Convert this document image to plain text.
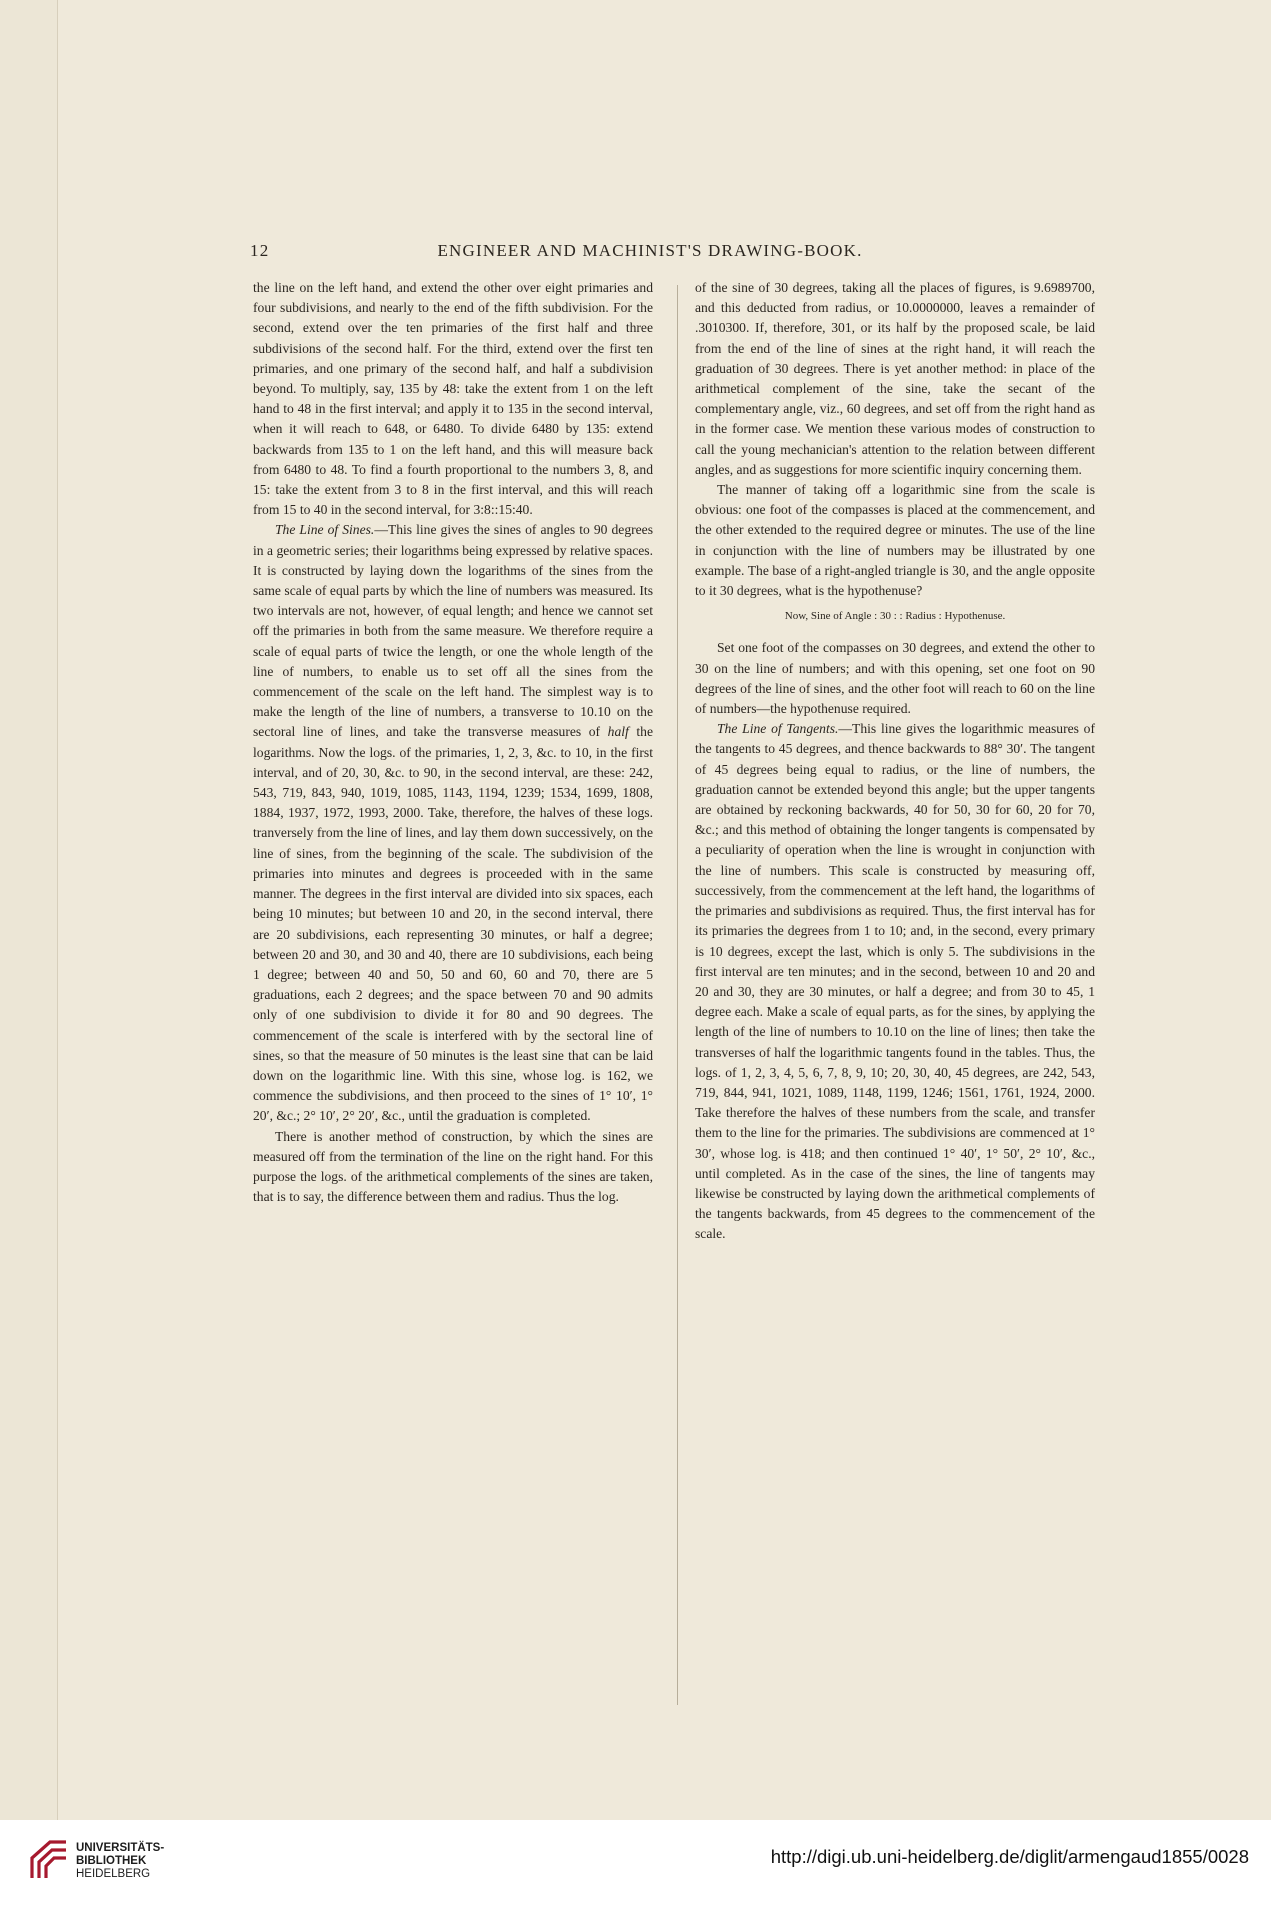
12	ENGINEER AND MACHINIST'S DRAWING-BOOK.

the line on the left hand, and extend the other over eight primaries and four subdivisions, and nearly to the end of the fifth subdivision. For the second, extend over the ten primaries of the first half and three subdivisions of the second half. For the third, extend over the first ten primaries, and one primary of the second half, and half a subdivision beyond. To multiply, say, 135 by 48: take the extent from 1 on the left hand to 48 in the first interval; and apply it to 135 in the second interval, when it will reach to 648, or 6480. To divide 6480 by 135: extend backwards from 135 to 1 on the left hand, and this will measure back from 6480 to 48. To find a fourth proportional to the numbers 3, 8, and 15: take the extent from 3 to 8 in the first interval, and this will reach from 15 to 40 in the second interval, for 3:8::15:40.

The Line of Sines.—This line gives the sines of angles to 90 degrees in a geometric series; their logarithms being expressed by relative spaces. It is constructed by laying down the logarithms of the sines from the same scale of equal parts by which the line of numbers was measured. Its two intervals are not, however, of equal length; and hence we cannot set off the primaries in both from the same measure. We therefore require a scale of equal parts of twice the length, or one the whole length of the line of numbers, to enable us to set off all the sines from the commencement of the scale on the left hand. The simplest way is to make the length of the line of numbers, a transverse to 10.10 on the sectoral line of lines, and take the transverse measures of half the logarithms. Now the logs. of the primaries, 1, 2, 3, &c. to 10, in the first interval, and of 20, 30, &c. to 90, in the second interval, are these: 242, 543, 719, 843, 940, 1019, 1085, 1143, 1194, 1239; 1534, 1699, 1808, 1884, 1937, 1972, 1993, 2000. Take, therefore, the halves of these logs. tranversely from the line of lines, and lay them down successively, on the line of sines, from the beginning of the scale. The subdivision of the primaries into minutes and degrees is proceeded with in the same manner. The degrees in the first interval are divided into six spaces, each being 10 minutes; but between 10 and 20, in the second interval, there are 20 subdivisions, each representing 30 minutes, or half a degree; between 20 and 30, and 30 and 40, there are 10 subdivisions, each being 1 degree; between 40 and 50, 50 and 60, 60 and 70, there are 5 graduations, each 2 degrees; and the space between 70 and 90 admits only of one subdivision to divide it for 80 and 90 degrees. The commencement of the scale is interfered with by the sectoral line of sines, so that the measure of 50 minutes is the least sine that can be laid down on the logarithmic line. With this sine, whose log. is 162, we commence the subdivisions, and then proceed to the sines of 1° 10′, 1° 20′, &c.; 2° 10′, 2° 20′, &c., until the graduation is completed.

There is another method of construction, by which the sines are measured off from the termination of the line on the right hand. For this purpose the logs. of the arithmetical complements of the sines are taken, that is to say, the difference between them and radius. Thus the log.

of the sine of 30 degrees, taking all the places of figures, is 9.6989700, and this deducted from radius, or 10.0000000, leaves a remainder of .3010300. If, therefore, 301, or its half by the proposed scale, be laid from the end of the line of sines at the right hand, it will reach the graduation of 30 degrees. There is yet another method: in place of the arithmetical complement of the sine, take the secant of the complementary angle, viz., 60 degrees, and set off from the right hand as in the former case. We mention these various modes of construction to call the young mechanician's attention to the relation between different angles, and as suggestions for more scientific inquiry concerning them.

The manner of taking off a logarithmic sine from the scale is obvious: one foot of the compasses is placed at the commencement, and the other extended to the required degree or minutes. The use of the line in conjunction with the line of numbers may be illustrated by one example. The base of a right-angled triangle is 30, and the angle opposite to it 30 degrees, what is the hypothenuse?

Now, Sine of Angle : 30 : : Radius : Hypothenuse.

Set one foot of the compasses on 30 degrees, and extend the other to 30 on the line of numbers; and with this opening, set one foot on 90 degrees of the line of sines, and the other foot will reach to 60 on the line of numbers—the hypothenuse required.

The Line of Tangents.—This line gives the logarithmic measures of the tangents to 45 degrees, and thence backwards to 88° 30′. The tangent of 45 degrees being equal to radius, or the line of numbers, the graduation cannot be extended beyond this angle; but the upper tangents are obtained by reckoning backwards, 40 for 50, 30 for 60, 20 for 70, &c.; and this method of obtaining the longer tangents is compensated by a peculiarity of operation when the line is wrought in conjunction with the line of numbers. This scale is constructed by measuring off, successively, from the commencement at the left hand, the logarithms of the primaries and subdivisions as required. Thus, the first interval has for its primaries the degrees from 1 to 10; and, in the second, every primary is 10 degrees, except the last, which is only 5. The subdivisions in the first interval are ten minutes; and in the second, between 10 and 20 and 20 and 30, they are 30 minutes, or half a degree; and from 30 to 45, 1 degree each. Make a scale of equal parts, as for the sines, by applying the length of the line of numbers to 10.10 on the line of lines; then take the transverses of half the logarithmic tangents found in the tables. Thus, the logs. of 1, 2, 3, 4, 5, 6, 7, 8, 9, 10; 20, 30, 40, 45 degrees, are 242, 543, 719, 844, 941, 1021, 1089, 1148, 1199, 1246; 1561, 1761, 1924, 2000. Take therefore the halves of these numbers from the scale, and transfer them to the line for the primaries. The subdivisions are commenced at 1° 30′, whose log. is 418; and then continued 1° 40′, 1° 50′, 2° 10′, &c., until completed. As in the case of the sines, the line of tangents may likewise be constructed by laying down the arithmetical complements of the tangents backwards, from 45 degrees to the commencement of the scale.

UNIVERSITÄTS-
BIBLIOTHEK
HEIDELBERG
http://digi.ub.uni-heidelberg.de/diglit/armengaud1855/0028
